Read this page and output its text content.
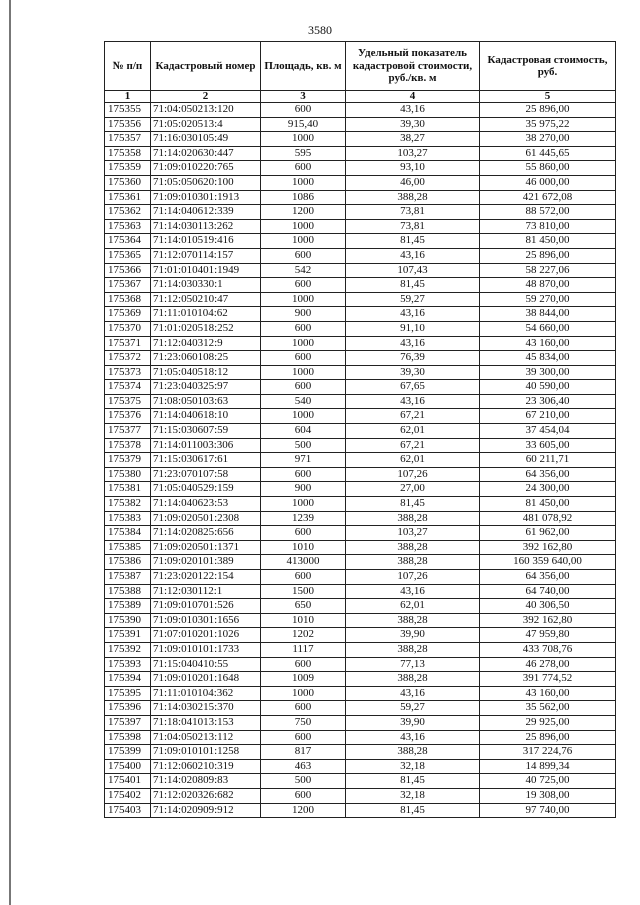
3580
№ п/п	Кадастровый номер	Площадь, кв. м	Удельный показатель кадастровой стоимости, руб./кв. м	Кадастровая стоимость, руб.
1	2	3	4	5
175355	71:04:050213:120	600	43,16	25 896,00
175356	71:05:020513:4	915,40	39,30	35 975,22
175357	71:16:030105:49	1000	38,27	38 270,00
175358	71:14:020630:447	595	103,27	61 445,65
175359	71:09:010220:765	600	93,10	55 860,00
175360	71:05:050620:100	1000	46,00	46 000,00
175361	71:09:010301:1913	1086	388,28	421 672,08
175362	71:14:040612:339	1200	73,81	88 572,00
175363	71:14:030113:262	1000	73,81	73 810,00
175364	71:14:010519:416	1000	81,45	81 450,00
175365	71:12:070114:157	600	43,16	25 896,00
175366	71:01:010401:1949	542	107,43	58 227,06
175367	71:14:030330:1	600	81,45	48 870,00
175368	71:12:050210:47	1000	59,27	59 270,00
175369	71:11:010104:62	900	43,16	38 844,00
175370	71:01:020518:252	600	91,10	54 660,00
175371	71:12:040312:9	1000	43,16	43 160,00
175372	71:23:060108:25	600	76,39	45 834,00
175373	71:05:040518:12	1000	39,30	39 300,00
175374	71:23:040325:97	600	67,65	40 590,00
175375	71:08:050103:63	540	43,16	23 306,40
175376	71:14:040618:10	1000	67,21	67 210,00
175377	71:15:030607:59	604	62,01	37 454,04
175378	71:14:011003:306	500	67,21	33 605,00
175379	71:15:030617:61	971	62,01	60 211,71
175380	71:23:070107:58	600	107,26	64 356,00
175381	71:05:040529:159	900	27,00	24 300,00
175382	71:14:040623:53	1000	81,45	81 450,00
175383	71:09:020501:2308	1239	388,28	481 078,92
175384	71:14:020825:656	600	103,27	61 962,00
175385	71:09:020501:1371	1010	388,28	392 162,80
175386	71:09:020101:389	413000	388,28	160 359 640,00
175387	71:23:020122:154	600	107,26	64 356,00
175388	71:12:030112:1	1500	43,16	64 740,00
175389	71:09:010701:526	650	62,01	40 306,50
175390	71:09:010301:1656	1010	388,28	392 162,80
175391	71:07:010201:1026	1202	39,90	47 959,80
175392	71:09:010101:1733	1117	388,28	433 708,76
175393	71:15:040410:55	600	77,13	46 278,00
175394	71:09:010201:1648	1009	388,28	391 774,52
175395	71:11:010104:362	1000	43,16	43 160,00
175396	71:14:030215:370	600	59,27	35 562,00
175397	71:18:041013:153	750	39,90	29 925,00
175398	71:04:050213:112	600	43,16	25 896,00
175399	71:09:010101:1258	817	388,28	317 224,76
175400	71:12:060210:319	463	32,18	14 899,34
175401	71:14:020809:83	500	81,45	40 725,00
175402	71:12:020326:682	600	32,18	19 308,00
175403	71:14:020909:912	1200	81,45	97 740,00
